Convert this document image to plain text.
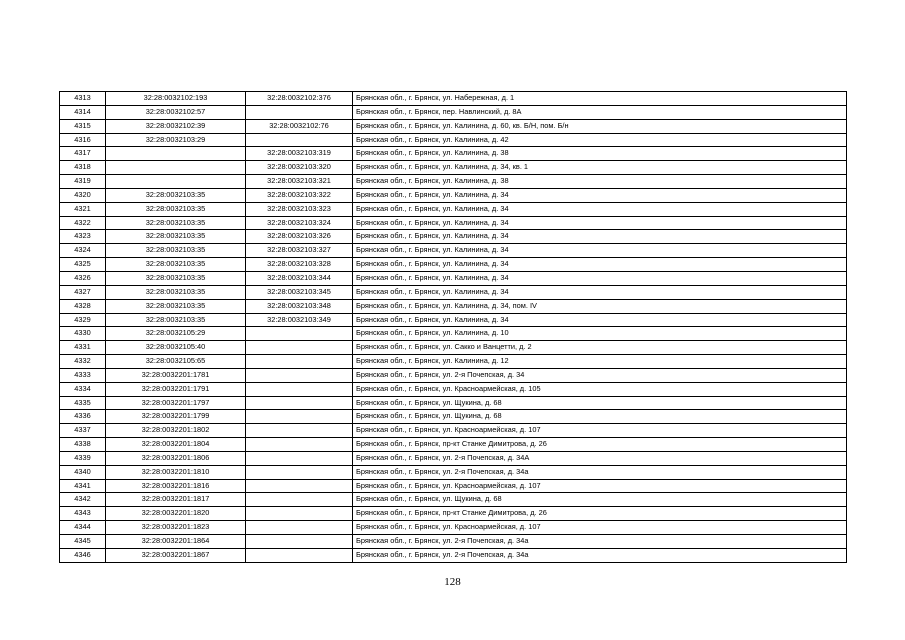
4313	32:28:0032102:193	32:28:0032102:376	Брянская обл., г. Брянск, ул. Набережная, д. 1
4314	32:28:0032102:57		Брянская обл., г. Брянск, пер. Навлинский, д. 8А
4315	32:28:0032102:39	32:28:0032102:76	Брянская обл., г. Брянск, ул. Калинина, д. 60, кв. Б/Н, пом. Б/н
4316	32:28:0032103:29		Брянская обл., г. Брянск, ул. Калинина, д. 42
4317		32:28:0032103:319	Брянская обл., г. Брянск, ул. Калинина, д. 38
4318		32:28:0032103:320	Брянская обл., г. Брянск, ул. Калинина, д. 34, кв. 1
4319		32:28:0032103:321	Брянская обл., г. Брянск, ул. Калинина, д. 38
4320	32:28:0032103:35	32:28:0032103:322	Брянская обл., г. Брянск, ул. Калинина, д. 34
4321	32:28:0032103:35	32:28:0032103:323	Брянская обл., г. Брянск, ул. Калинина, д. 34
4322	32:28:0032103:35	32:28:0032103:324	Брянская обл., г. Брянск, ул. Калинина, д. 34
4323	32:28:0032103:35	32:28:0032103:326	Брянская обл., г. Брянск, ул. Калинина, д. 34
4324	32:28:0032103:35	32:28:0032103:327	Брянская обл., г. Брянск, ул. Калинина, д. 34
4325	32:28:0032103:35	32:28:0032103:328	Брянская обл., г. Брянск, ул. Калинина, д. 34
4326	32:28:0032103:35	32:28:0032103:344	Брянская обл., г. Брянск, ул. Калинина, д. 34
4327	32:28:0032103:35	32:28:0032103:345	Брянская обл., г. Брянск, ул. Калинина, д. 34
4328	32:28:0032103:35	32:28:0032103:348	Брянская обл., г. Брянск, ул. Калинина, д. 34, пом. IV
4329	32:28:0032103:35	32:28:0032103:349	Брянская обл., г. Брянск, ул. Калинина, д. 34
4330	32:28:0032105:29		Брянская обл., г. Брянск, ул. Калинина, д. 10
4331	32:28:0032105:40		Брянская обл., г. Брянск, ул. Сакко и Ванцетти, д. 2
4332	32:28:0032105:65		Брянская обл., г. Брянск, ул. Калинина, д. 12
4333	32:28:0032201:1781		Брянская обл., г. Брянск, ул. 2-я Почепская, д. 34
4334	32:28:0032201:1791		Брянская обл., г. Брянск, ул. Красноармейская, д. 105
4335	32:28:0032201:1797		Брянская обл., г. Брянск, ул. Щукина, д. 68
4336	32:28:0032201:1799		Брянская обл., г. Брянск, ул. Щукина, д. 68
4337	32:28:0032201:1802		Брянская обл., г. Брянск, ул. Красноармейская, д. 107
4338	32:28:0032201:1804		Брянская обл., г. Брянск, пр-кт Станке Димитрова, д. 26
4339	32:28:0032201:1806		Брянская обл., г. Брянск, ул. 2-я Почепская, д. 34А
4340	32:28:0032201:1810		Брянская обл., г. Брянск, ул. 2-я Почепская, д. 34а
4341	32:28:0032201:1816		Брянская обл., г. Брянск, ул. Красноармейская, д. 107
4342	32:28:0032201:1817		Брянская обл., г. Брянск, ул. Щукина, д. 68
4343	32:28:0032201:1820		Брянская обл., г. Брянск, пр-кт Станке Димитрова, д. 26
4344	32:28:0032201:1823		Брянская обл., г. Брянск, ул. Красноармейская, д. 107
4345	32:28:0032201:1864		Брянская обл., г. Брянск, ул. 2-я Почепская, д. 34а
4346	32:28:0032201:1867		Брянская обл., г. Брянск, ул. 2-я Почепская, д. 34а
128
